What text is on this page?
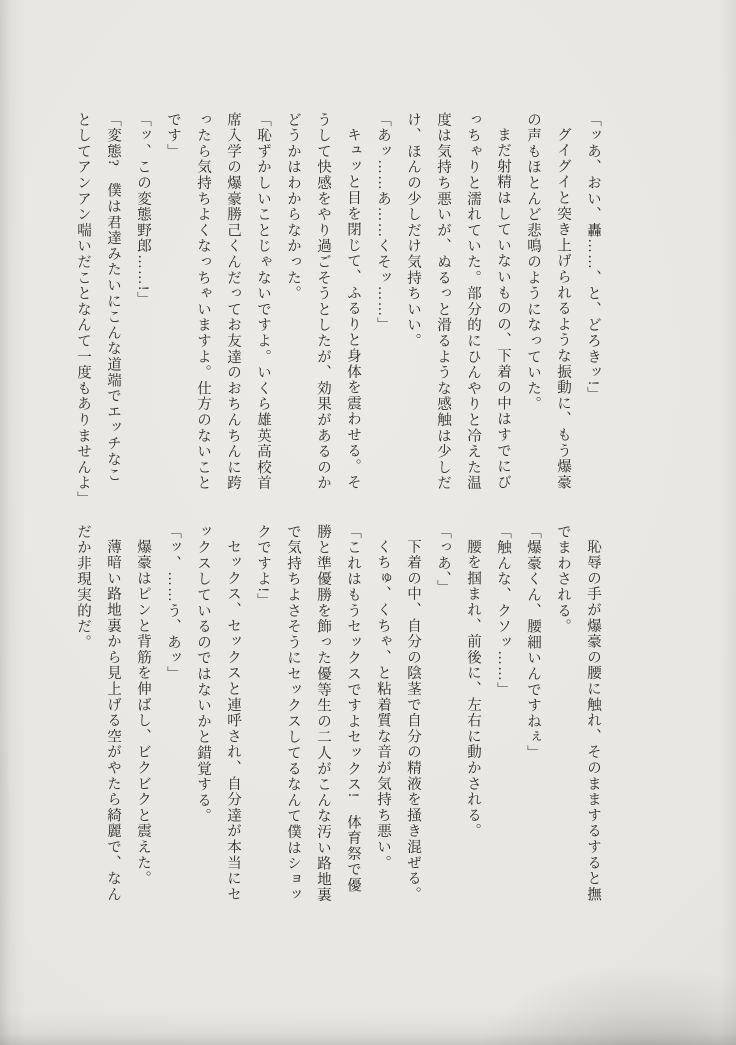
「ッあ、おい、轟……、と、どろきッ!」
グイグイと突き上げられるような振動に、もう爆豪
の声もほとんど悲鳴のようになっていた。
まだ射精はしていないものの、下着の中はすでにび
っちゃりと濡れていた。部分的にひんやりと冷えた温
度は気持ち悪いが、ぬるっと滑るような感触は少しだ
け、ほんの少しだけ気持ちいい。
「あッ……あ……くそッ……」
キュッと目を閉じて、ふるりと身体を震わせる。そ
うして快感をやり過ごそうとしたが、効果があるのか
どうかはわからなかった。
「恥ずかしいことじゃないですよ。いくら雄英高校首
席入学の爆豪勝己くんだってお友達のおちんちんに跨
ったら気持ちよくなっちゃいますよ。仕方のないこと
です」
「ッ、この変態野郎……!」
「変態?　僕は君達みたいにこんな道端でエッチなこ
としてアンアン喘いだことなんて一度もありませんよ」
恥辱の手が爆豪の腰に触れ、そのままするすると撫
でまわされる。
「爆豪くん、腰細いんですねぇ」
「触んな、クソッ……」
腰を掴まれ、前後に、左右に動かされる。
「っあ、」
下着の中、自分の陰茎で自分の精液を掻き混ぜる。
くちゅ、くちゃ、と粘着質な音が気持ち悪い。
「これはもうセックスですよセックス!　体育祭で優
勝と準優勝を飾った優等生の二人がこんな汚い路地裏
で気持ちよさそうにセックスしてるなんて僕はショッ
クですよ!」
セックス、セックスと連呼され、自分達が本当にセ
ックスしているのではないかと錯覚する。
「ッ、……う、あッ」
爆豪はピンと背筋を伸ばし、ビクビクと震えた。
薄暗い路地裏から見上げる空がやたら綺麗で、なん
だか非現実的だ。
